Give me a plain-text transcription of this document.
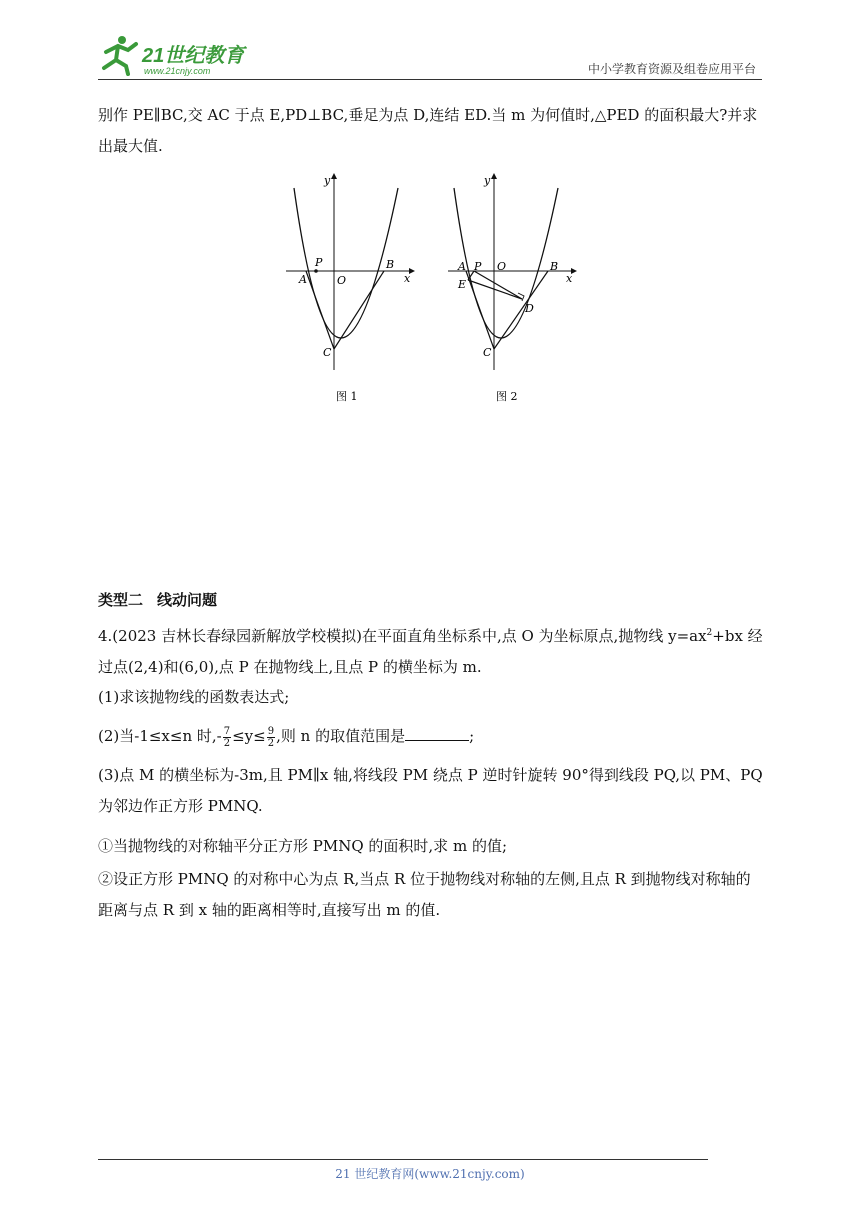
21世纪教育
www.21cnjy.com	中小学教育资源及组卷应用平台
别作 PE∥BC,交 AC 于点 E,PD⊥BC,垂足为点 D,连结 ED.当 m 为何值时,△PED 的面积最大?并求出最大值.
y
x
P
A	O
B
C
图 1
y
x
A P O	B
E
D
C
图 2
类型二 线动问题
4.(2023 吉林长春绿园新解放学校模拟)在平面直角坐标系中,点 O 为坐标原点,抛物线 $y=ax^2+bx$ 经过点(2,4)和(6,0),点 P 在抛物线上,且点 P 的横坐标为 m.
(1)求该抛物线的函数表达式;
(2)当-1≤x≤n 时,- $\frac{7}{2} \le y\le \frac{9}{2}$ ,则 n 的取值范围是	;
(3)点 M 的横坐标为-3m,且 PM∥x 轴,将线段 PM 绕点 P 逆时针旋转 90°得到线段 PQ,以 PM、PQ 为邻边作正方形 PMNQ.
①当抛物线的对称轴平分正方形 PMNQ 的面积时,求 m 的值;
②设正方形 PMNQ 的对称中心为点 R,当点 R 位于抛物线对称轴的左侧,且点 R 到抛物线对称轴的距离与点 R 到 x 轴的距离相等时,直接写出 m 的值.
21 世纪教育网(www.21cnjy.com)
